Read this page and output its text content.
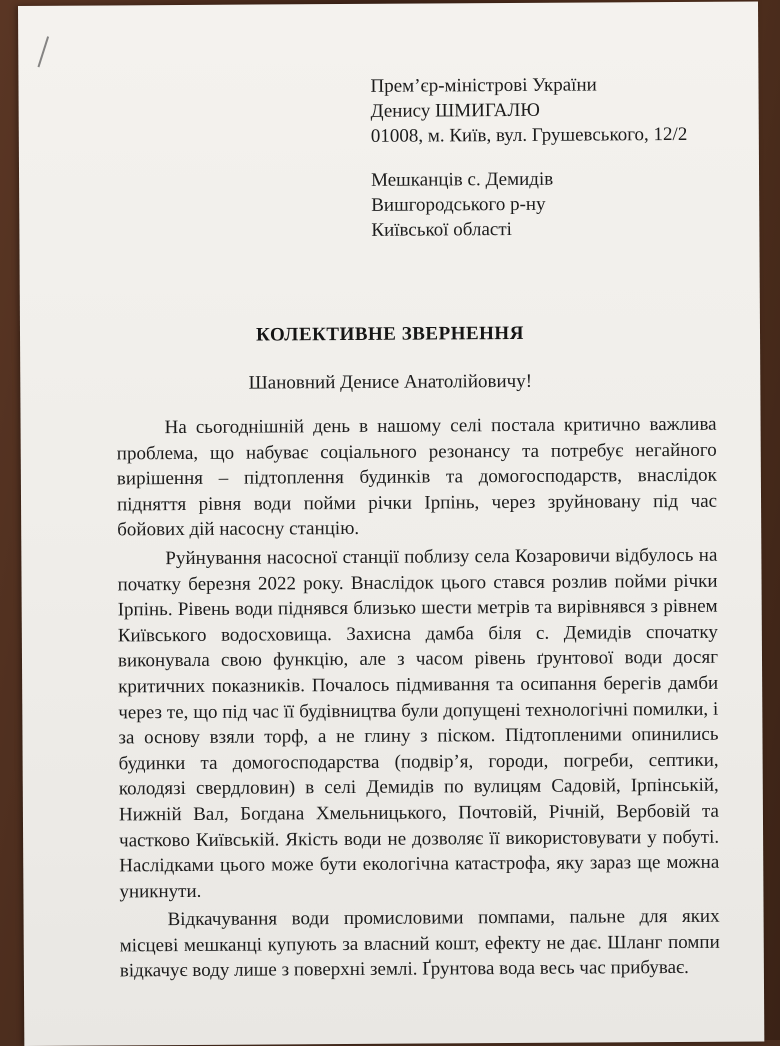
Прем’єр-міністрові України
Денису ШМИГАЛЮ
01008, м. Київ, вул. Грушевського, 12/2
Мешканців с. Демидів
Вишгородського р-ну
Київської області
КОЛЕКТИВНЕ ЗВЕРНЕННЯ
Шановний Денисе Анатолійовичу!

На сьогоднішній день в нашому селі постала критично важлива проблема, що набуває соціального резонансу та потребує негайного вирішення – підтоплення будинків та домогосподарств, внаслідок підняття рівня води пойми річки Ірпінь, через зруйновану під час бойових дій насосну станцію.

Руйнування насосної станції поблизу села Козаровичи відбулось на початку березня 2022 року. Внаслідок цього стався розлив пойми річки Ірпінь. Рівень води піднявся близько шести метрів та вирівнявся з рівнем Київського водосховища. Захисна дамба біля с. Демидів спочатку виконувала свою функцію, але з часом рівень ґрунтової води досяг критичних показників. Почалось підмивання та осипання берегів дамби через те, що під час її будівництва були допущені технологічні помилки, і за основу взяли торф, а не глину з піском. Підтопленими опинились будинки та домогосподарства (подвір’я, городи, погреби, септики, колодязі свердловин) в селі Демидів по вулицям Садовій, Ірпінській, Нижній Вал, Богдана Хмельницького, Почтовій, Річній, Вербовій та частково Київській. Якість води не дозволяє її використовувати у побуті. Наслідками цього може бути екологічна катастрофа, яку зараз ще можна уникнути.

Відкачування води промисловими помпами, пальне для яких місцеві мешканці купують за власний кошт, ефекту не дає. Шланг помпи відкачує воду лише з поверхні землі. Ґрунтова вода весь час прибуває.
